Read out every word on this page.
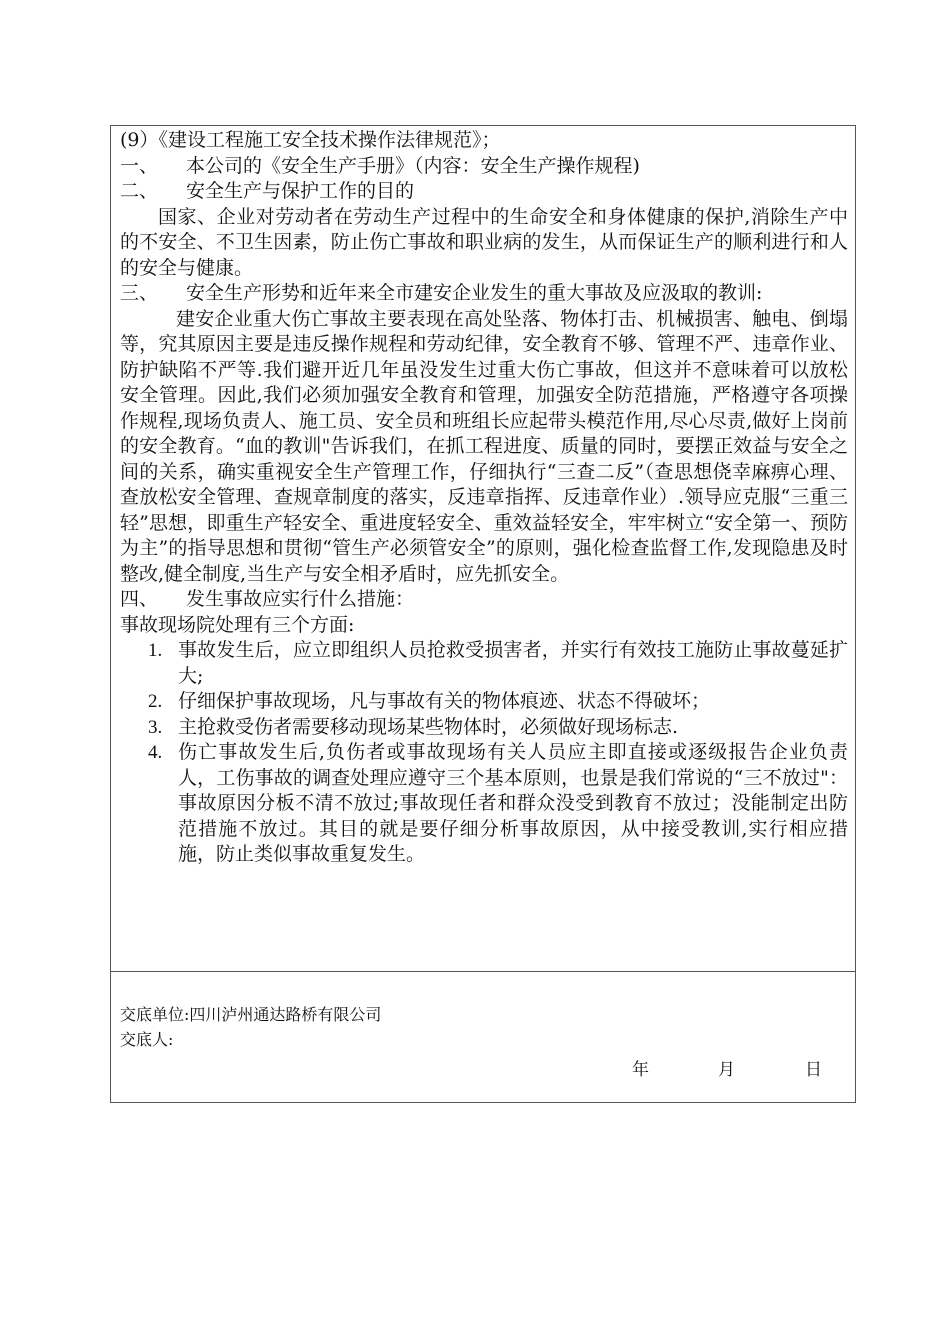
(9）《建设工程施工安全技术操作法律规范》；
一、 本公司的《安全生产手册》（内容：安全生产操作规程)
二、 安全生产与保护工作的目的
国家、企业对劳动者在劳动生产过程中的生命安全和身体健康的保护,消除生产中的不安全、不卫生因素，防止伤亡事故和职业病的发生，从而保证生产的顺利进行和人的安全与健康。
三、	安全生产形势和近年来全市建安企业发生的重大事故及应汲取的教训:
建安企业重大伤亡事故主要表现在高处坠落、物体打击、机械损害、触电、倒塌等，究其原因主要是违反操作规程和劳动纪律，安全教育不够、管理不严、违章作业、防护缺陷不严等.我们避开近几年虽没发生过重大伤亡事故，但这并不意味着可以放松安全管理。因此,我们必须加强安全教育和管理，加强安全防范措施，严格遵守各项操作规程,现场负责人、施工员、安全员和班组长应起带头模范作用,尽心尽责,做好上岗前的安全教育。“血的教训"告诉我们，在抓工程进度、质量的同时，要摆正效益与安全之间的关系，确实重视安全生产管理工作，仔细执行“三查二反”（查思想侥幸麻痹心理、查放松安全管理、查规章制度的落实，反违章指挥、反违章作业）.领导应克服“三重三轻”思想，即重生产轻安全、重进度轻安全、重效益轻安全，牢牢树立“安全第一、预防为主”的指导思想和贯彻“管生产必须管安全”的原则，强化检查监督工作,发现隐患及时整改,健全制度,当生产与安全相矛盾时，应先抓安全。
四、 发生事故应实行什么措施：
事故现场院处理有三个方面:
1. 事故发生后，应立即组织人员抢救受损害者，并实行有效技工施防止事故蔓延扩大;
2. 仔细保护事故现场，凡与事故有关的物体痕迹、状态不得破坏；
3. 主抢救受伤者需要移动现场某些物体时，必须做好现场标志.
4. 伤亡事故发生后,负伤者或事故现场有关人员应主即直接或逐级报告企业负责人，工伤事故的调查处理应遵守三个基本原则，也景是我们常说的“三不放过"：事故原因分板不清不放过;事故现任者和群众没受到教育不放过；没能制定出防范措施不放过。其目的就是要仔细分析事故原因，从中接受教训,实行相应措施，防止类似事故重复发生。
交底单位:四川泸州通达路桥有限公司
交底人:
年	月	日
